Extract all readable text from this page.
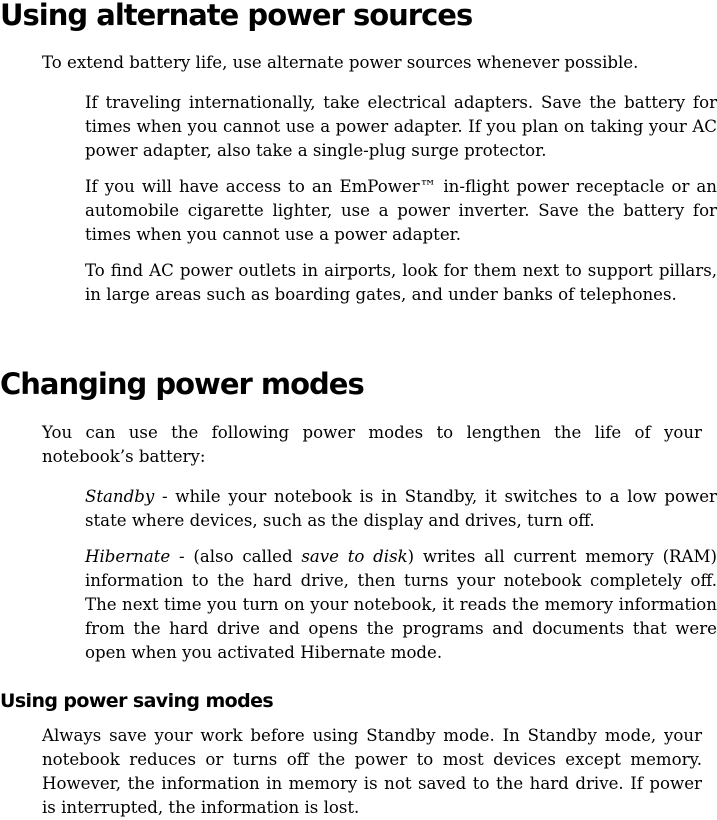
Using alternate power sources

To extend battery life, use alternate power sources whenever possible.

If traveling internationally, take electrical adapters. Save the battery for times when you cannot use a power adapter. If you plan on taking your AC power adapter, also take a single-plug surge protector.

If you will have access to an EmPower™ in-flight power receptacle or an automobile cigarette lighter, use a power inverter. Save the battery for times when you cannot use a power adapter.

To find AC power outlets in airports, look for them next to support pillars, in large areas such as boarding gates, and under banks of telephones.

Changing power modes

You can use the following power modes to lengthen the life of your notebook’s battery:

Standby - while your notebook is in Standby, it switches to a low power state where devices, such as the display and drives, turn off.

Hibernate - (also called save to disk) writes all current memory (RAM) information to the hard drive, then turns your notebook completely off. The next time you turn on your notebook, it reads the memory information from the hard drive and opens the programs and documents that were open when you activated Hibernate mode.

Using power saving modes

Always save your work before using Standby mode. In Standby mode, your notebook reduces or turns off the power to most devices except memory. However, the information in memory is not saved to the hard drive. If power is interrupted, the information is lost.
